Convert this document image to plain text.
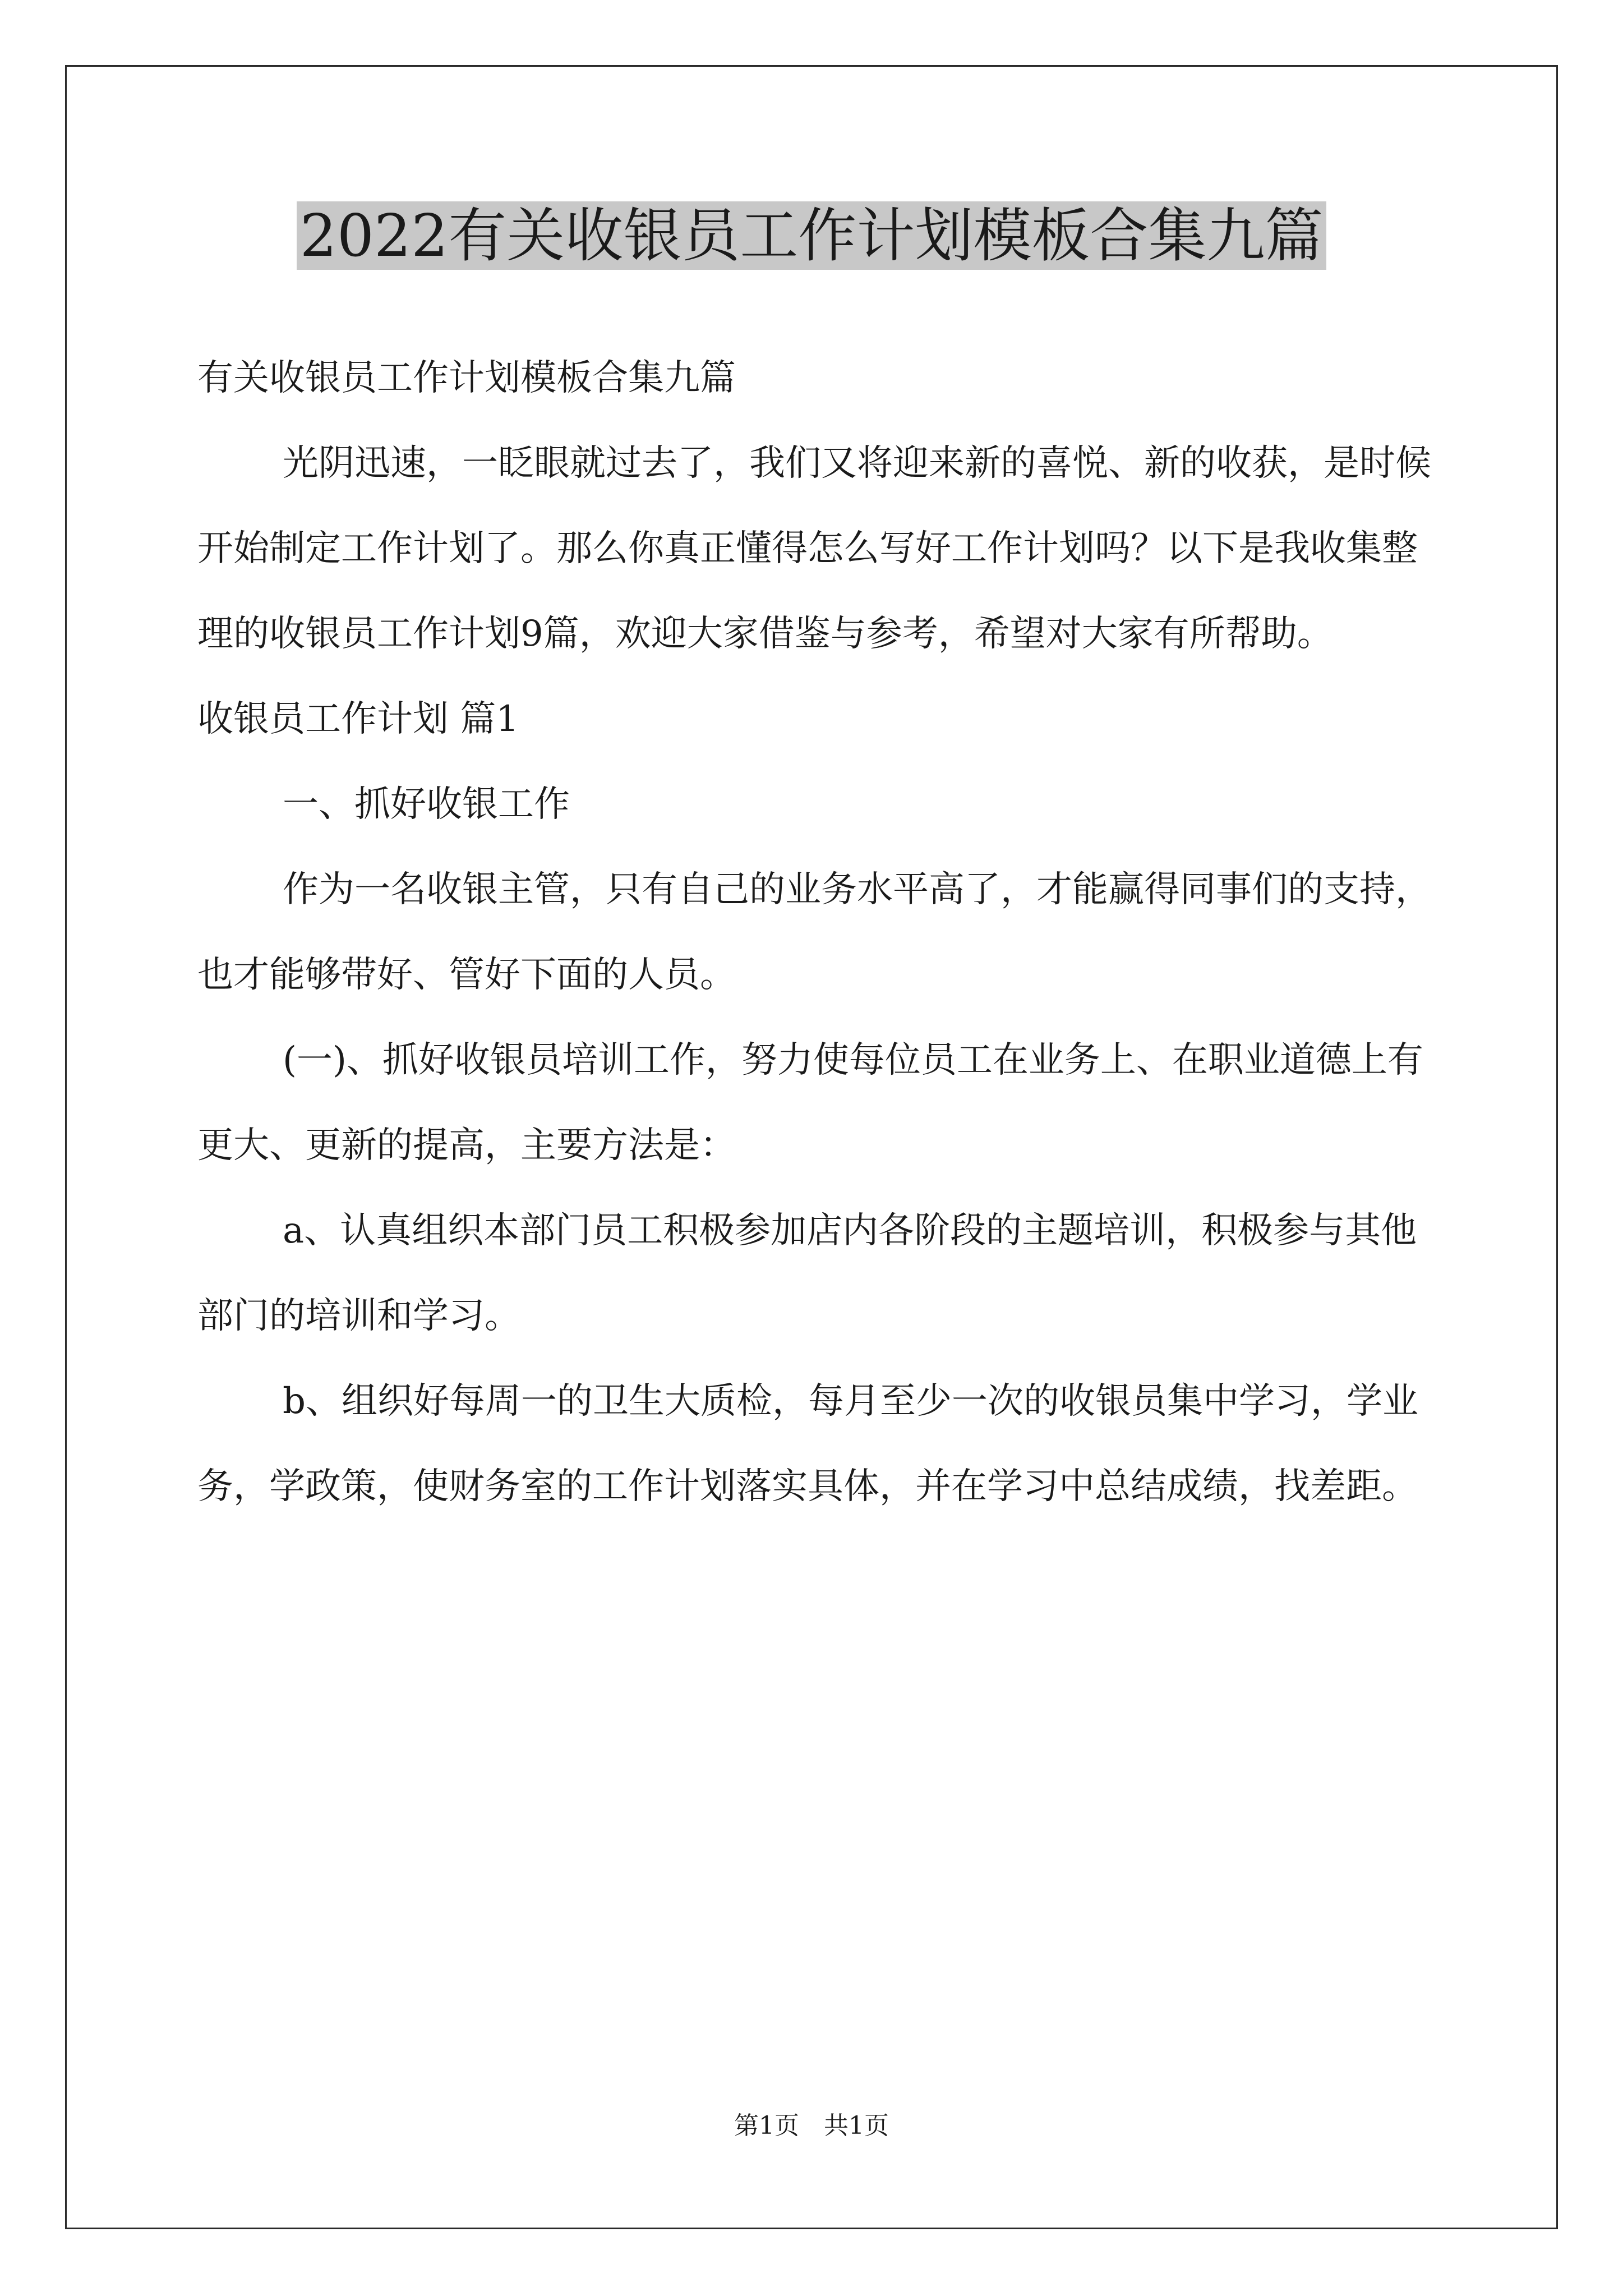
2022有关收银员工作计划模板合集九篇

有关收银员工作计划模板合集九篇

光阴迅速，一眨眼就过去了，我们又将迎来新的喜悦、新的收获，是时候开始制定工作计划了。那么你真正懂得怎么写好工作计划吗？以下是我收集整理的收银员工作计划9篇，欢迎大家借鉴与参考，希望对大家有所帮助。

收银员工作计划 篇1

一、抓好收银工作

作为一名收银主管，只有自己的业务水平高了，才能赢得同事们的支持，也才能够带好、管好下面的人员。

(一)、抓好收银员培训工作，努力使每位员工在业务上、在职业道德上有更大、更新的提高，主要方法是：

a、认真组织本部门员工积极参加店内各阶段的主题培训，积极参与其他部门的培训和学习。

b、组织好每周一的卫生大质检，每月至少一次的收银员集中学习，学业务，学政策，使财务室的工作计划落实具体，并在学习中总结成绩，找差距。

第1页　共1页
